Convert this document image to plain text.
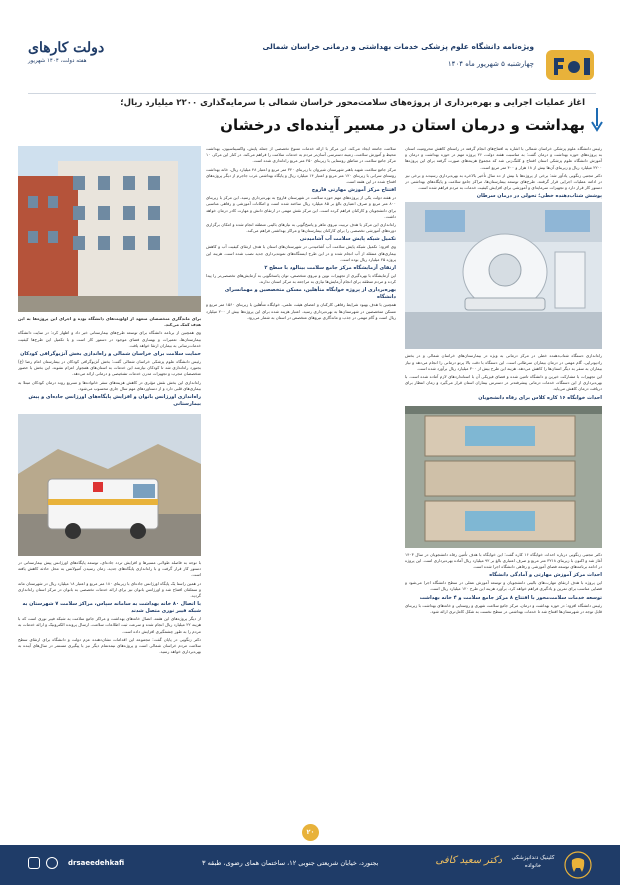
ویژه‌نامه دانشگاه علوم پزشکی خدمات بهداشتی و درمانی خراسان شمالی
چهارشنبه ۵ شهریور ماه ۱۴۰۴
دولت کارهای
هفته دولت، ۱۴۰۴ شهریور
آغاز عملیات اجرایی و بهره‌برداری از پروژه‌های سلامت‌محور خراسان شمالی با سرمایه‌گذاری ۲۲۰۰ میلیارد ریال؛
بهداشت و درمان استان در مسیر آینده‌ای درخشان

رئیس دانشگاه علوم پزشکی خراسان شمالی با اشاره به افتتاح‌های انجام گرفته در راستای کاهش محرومیت استان به پروژه‌های حوزه بهداشت و درمان گفت: به مناسبت هفته دولت، ۲۶ پروژه مهم در حوزه بهداشت و درمان و آموزش دانشگاه علوم پزشکی استان افتتاح و کلنگ‌زنی شد که مجموع هزینه‌های صورت گرفته برای این پروژه‌ها ۲۲۰۰ میلیارد ریال و زیربنای آن‌ها بیش از ۱۸ هزار و ۴۰۰ متر مربع است.

دکتر مجتبی زنگویی یادآور شد: برخی از پروژه‌ها با بیش از ده سال تأخیر بالاخره به بهره‌برداری رسیدند و برخی نیز در ادامه عملیات اجرایی قرار گرفتند. طرح‌های توسعه بیمارستان‌ها، مراکز جامع سلامت و پایگاه‌های بهداشتی در دستور کار قرار دارد و تجهیزات سرمایه‌ای و آموزشی برای افزایش کیفیت خدمات به مردم فراهم شده است.

پوشش شتاب‌دهنده خطی؛ تحولی در درمان سرطان

راه‌اندازی دستگاه شتاب‌دهنده خطی در مرکز درمانی به ویژه در بیمارستان‌های خراسان شمالی و در بخش رادیوتراپی، گام مهمی در درمان بیماران سرطانی است. این دستگاه با دقت بالا پرتو درمانی را انجام می‌دهد و نیاز بیماران به سفر به دیگر استان‌ها را کاهش می‌دهد. هزینه این طرح بیش از ۳۰۰ میلیارد ریال برآورد شده است.

این تجهیزات با مشارکت خیرین و دانشگاه تامین شده و فضای فیزیکی آن با استانداردهای لازم آماده شده است. با بهره‌برداری از این دستگاه، خدمات درمانی پیشرفته‌تر در دسترس بیماران استان قرار می‌گیرد و زمان انتظار برای دریافت درمان کاهش می‌یابد.

احداث خوابگاه ۱۶ کاره کلاس برای رفاه دانشجویان

دکتر مجتبی زنگویی درباره احداث خوابگاه ۱۶ کاره گفت: این خوابگاه با هدف تأمین رفاه دانشجویان در سال ۱۴۰۳ آغاز شد و اکنون با زیربنای ۳۲۱۸ متر مربع و صرف اعتباری بالغ بر ۹۲ میلیارد ریال آماده بهره‌برداری است. این پروژه در ادامه برنامه‌های توسعه فضای آموزشی و رفاهی دانشگاه اجرا شده است.

احداث مرکز آموزش مهارتی و آمادگی دانشگاه

این پروژه با هدف ارتقای مهارت‌های بالینی دانشجویان و توسعه آموزش عملی در سطح دانشگاه اجرا می‌شود و فضایی مناسب برای تمرین و یادگیری فراهم خواهد کرد. برآورد هزینه این طرح ۱۲۰ میلیارد ریال است.

توسعه خدمات سلامت‌محور با افتتاح ۸ مرکز جامع سلامت و ۴ خانه بهداشت

رئیس دانشگاه افزود: در حوزه بهداشت و درمان، مرکز جامع سلامت شهری و روستایی و خانه‌های بهداشت با زیربنای قابل توجه در شهرستان‌ها افتتاح شد تا خدمات بهداشتی در سطح نخست به شکل کامل‌تری ارائه شود.

سلامت جامعه ایجاد می‌کند. این مرکز با ارائه خدمات متنوع تخصصی از جمله پایش، واکسیناسیون، بهداشت محیط و آموزش سلامت، زمینه دسترسی آسان‌تر مردم به خدمات سلامت را فراهم می‌کند. در کنار این مرکز، ۱۰ مرکز جامع سلامت در مناطق روستایی با زیربنای ۲۵۰ متر مربع راه‌اندازی شده است.

مرکز جامع سلامت شهید باهنر شهرستان شیروان با زیربنای ۳۴۰ متر مربع و اعتبار ۴۸ میلیارد ریال، خانه بهداشت روستای سرانی با زیربنای ۱۲۰ متر مربع و اعتبار ۱۴ میلیارد ریال و پایگاه بهداشتی غرب جاجرم از دیگر پروژه‌های افتتاح شده در این هفته است.

افتتاح مرکز آموزش مهارتی فاروج

در هفته دولت یکی از پروژه‌های مهم حوزه سلامت در شهرستان فاروج به بهره‌برداری رسید. این مرکز با زیربنای ۸۰۰ متر مربع و صرف اعتباری بالغ بر ۸۵ میلیارد ریال ساخته شده است و امکانات آموزشی و رفاهی مناسبی برای دانشجویان و کارکنان فراهم کرده است. این مرکز نقش مهمی در ارتقای دانش و مهارت کادر درمان خواهد داشت.

راه‌اندازی این مرکز با هدف تربیت نیروی ماهر و پاسخ‌گویی به نیازهای بالینی منطقه انجام شده و امکان برگزاری دوره‌های آموزشی تخصصی را برای کارکنان بیمارستان‌ها و مراکز بهداشتی فراهم می‌کند.

تکمیل شبکه پایش سلامت آب آشامیدنی

وی افزود: تکمیل شبکه پایش سلامت آب آشامیدنی در شهرستان‌های استان با هدف ارتقای کیفیت آب و کاهش بیماری‌های منتقله از آب انجام شده و در این طرح ایستگاه‌های نمونه‌برداری جدید نصب شده است. هزینه این پروژه ۲۵ میلیارد ریال بوده است.

ارتقای آزمایشگاه مرکز جامع سلامت بینالود با سطح ۲

این آزمایشگاه با بهره‌گیری از تجهیزات نوین و نیروی متخصص، توان پاسخگویی به آزمایش‌های تخصصی‌تر را پیدا کرده و مردم منطقه برای انجام آزمایش‌ها نیازی به مراجعه به مرکز استان ندارند.

بهره‌برداری از پروژه خوابگاه متأهلین، مسکن متخصصین و مهمانسرای دانشگاه

همچنین با هدف بهبود شرایط رفاهی کارکنان و اعضای هیئت علمی، خوابگاه متأهلین با زیربنای ۱۵۶۰ متر مربع و مسکن متخصصین در شهرستان‌ها به بهره‌برداری رسید. اعتبار هزینه شده برای این پروژه‌ها بیش از ۲۰۰ میلیارد ریال است و گام مهمی در جذب و ماندگاری نیروهای متخصص در استان به شمار می‌رود.

برای ماندگاری متخصصان متعهد از اولویت‌های دانشگاه بوده و اجرای این پروژه‌ها به این هدف کمک می‌کند.

وی همچنین از برنامه دانشگاه برای توسعه طرح‌های بیمارستانی خبر داد و اظهار کرد: در سایت دانشگاه بیمارستان‌ها، تعمیرات و بهسازی فضای موجود در دستور کار است و با تکمیل این طرح‌ها کیفیت خدمات‌رسانی به بیماران ارتقا خواهد یافت.

حمایت سلامت برای خراسان شمالی و راه‌اندازی بخش آنژیوگرافی کودکان

رئیس دانشگاه علوم پزشکی خراسان شمالی گفت: بخش آنژیوگرافی کودکان در بیمارستان امام رضا (ع) بجنورد راه‌اندازی شد تا کودکان نیازمند این خدمات به استان‌های همجوار اعزام نشوند. این بخش با حضور متخصصان مجرب و تجهیزات مدرن خدمات تشخیصی و درمانی ارائه می‌دهد.

راه‌اندازی این بخش نقش مؤثری در کاهش هزینه‌های سفر خانواده‌ها و تسریع روند درمان کودکان مبتلا به بیماری‌های قلبی دارد و از دستاوردهای مهم سال جاری محسوب می‌شود.

راه‌اندازی اورژانس بانوان و افزایش پایگاه‌های اورژانس جاده‌ای و پیش بیمارستانی

با توجه به فاصله طولانی مسیرها و افزایش تردد جاده‌ای، توسعه پایگاه‌های اورژانس پیش بیمارستانی در دستور کار قرار گرفت و با راه‌اندازی پایگاه‌های جدید، زمان رسیدن آمبولانس به محل حادثه کاهش یافته است.

در همین راستا یک پایگاه اورژانس جاده‌ای با زیربنای ۱۸۰ متر مربع و اعتبار ۱۸ میلیارد ریال در شهرستان مانه و سملقان افتتاح شد و اورژانس بانوان نیز برای ارائه خدمات تخصصی به بانوان در مرکز استان راه‌اندازی گردید.

با اتصال ۸۰ خانه بهداشت به سامانه سپاس، مراکز سلامت ۷ شهرستان به شبکه فیبر نوری متصل شدند

از دیگر پروژه‌های این هفته، اتصال خانه‌های بهداشت و مراکز جامع سلامت به شبکه فیبر نوری است که با هزینه ۲۲ میلیارد ریال انجام شده و سرعت ثبت اطلاعات سلامت، ارسال پرونده الکترونیک و ارائه خدمات به مردم را به طور چشمگیری افزایش داده است.

دکتر زنگویی در پایان گفت: مجموعه این اقدامات نشان‌دهنده عزم دولت و دانشگاه برای ارتقای سطح سلامت مردم خراسان شمالی است و پروژه‌های نیمه‌تمام دیگر نیز با پیگیری مستمر در سال‌های آینده به بهره‌برداری خواهد رسید.

۲۰
کلینیک دندانپزشکی خانواده
دکتر سعید کافی
بجنورد، خیابان شریعتی جنوبی ۱۲، ساختمان همای رضوی، طبقه ۳
drsaeedehkafi
